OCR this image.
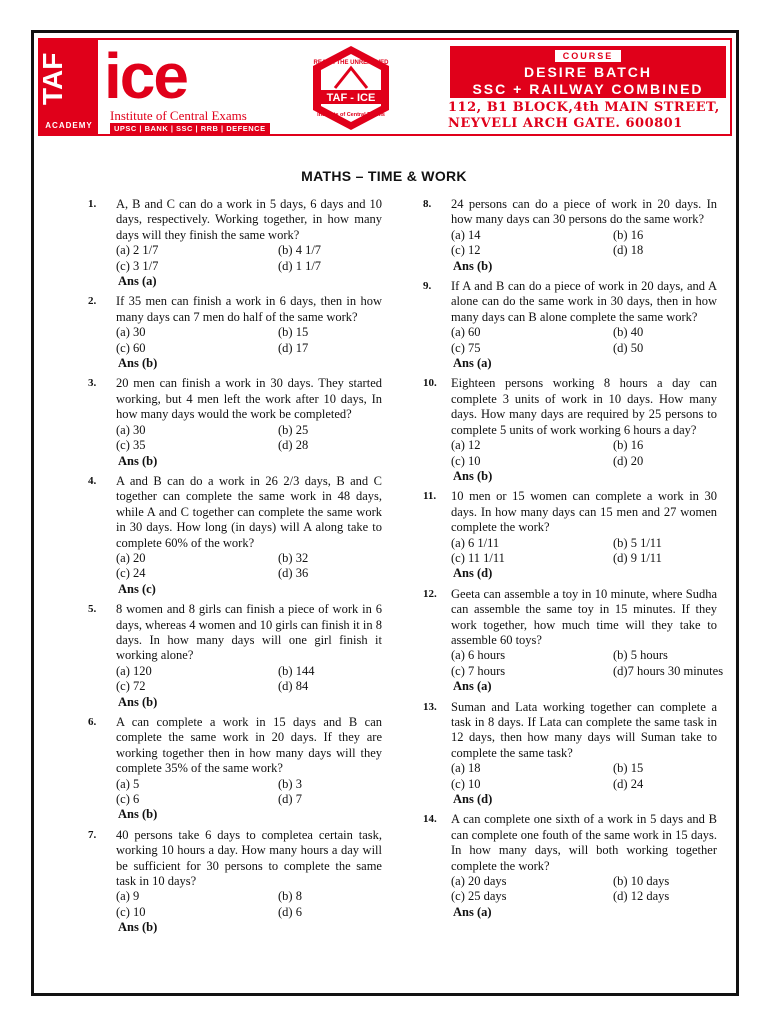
TAF
ACADEMY
ice
Institute of Central Exams
UPSC | BANK | SSC | RRB | DEFENCE
REACH THE UNREACHED
TAF - ICE
Institute of Central Exams
COURSE
DESIRE BATCH
SSC + RAILWAY COMBINED
112, B1 BLOCK,4th MAIN STREET,
NEYVELI ARCH GATE. 600801
MATHS – TIME & WORK
1.	A, B and C can do a work in 5 days, 6 days and 10 days, respectively. Working together, in how many days will they finish the same work?
(a) 2 1/7	(b) 4 1/7
(c) 3 1/7	(d) 1 1/7
Ans (a)
2.	If 35 men can finish a work in 6 days, then in how many days can 7 men do half of the same work?
(a) 30	(b) 15
(c) 60	(d) 17
Ans (b)
3.	20 men can finish a work in 30 days. They started working, but 4 men left the work after 10 days, In how many days would the work be completed?
(a) 30	(b) 25
(c) 35	(d) 28
Ans (b)
4.	A and B can do a work in 26 2/3 days, B and C together can complete the same work in 48 days, while A and C together can complete the same work in 30 days. How long (in days) will A along take to complete 60% of the work?
(a) 20	(b) 32
(c) 24	(d) 36
Ans (c)
5.	8 women and 8 girls can finish a piece of work in 6 days, whereas 4 women and 10 girls can finish it in 8 days. In how many days will one girl finish it working alone?
(a) 120	(b) 144
(c) 72	(d) 84
Ans (b)
6.	A can complete a work in 15 days and B can complete the same work in 20 days. If they are working together then in how many days will they complete 35% of the same work?
(a) 5	(b) 3
(c) 6	(d) 7
Ans (b)
7.	40 persons take 6 days to completea certain task, working 10 hours a day. How many hours a day will be sufficient for 30 persons to complete the same task in 10 days?
(a) 9	(b) 8
(c) 10	(d) 6
Ans (b)
8.	24 persons can do a piece of work in 20 days. In how many days can 30 persons do the same work?
(a) 14	(b) 16
(c) 12	(d) 18
Ans (b)
9.	If A and B can do a piece of work in 20 days, and A alone can do the same work in 30 days, then in how many days can B alone complete the same work?
(a) 60	(b) 40
(c) 75	(d) 50
Ans (a)
10.	Eighteen persons working 8 hours a day can complete 3 units of work in 10 days. How many days. How many days are required by 25 persons to complete 5 units of work working 6 hours a day?
(a) 12	(b) 16
(c) 10	(d) 20
Ans (b)
11.	10 men or 15 women can complete a work in 30 days. In how many days can 15 men and 27 women complete the work?
(a) 6 1/11	(b) 5 1/11
(c) 11 1/11	(d) 9 1/11
Ans (d)
12.	Geeta can assemble a toy in 10 minute, where Sudha can assemble the same toy in 15 minutes. If they work together, how much time will they take to assemble 60 toys?
(a) 6 hours	(b) 5 hours
(c) 7 hours	(d)7 hours 30 minutes
Ans (a)
13.	Suman and Lata working together can complete a task in 8 days. If Lata can complete the same task in 12 days, then how many days will Suman take to complete the same task?
(a) 18	(b) 15
(c) 10	(d) 24
Ans (d)
14.	A can complete one sixth of a work in 5 days and B can complete one fouth of the same work in 15 days. In how many days, will both working together complete the work?
(a) 20 days	(b) 10 days
(c) 25 days	(d) 12 days
Ans (a)
